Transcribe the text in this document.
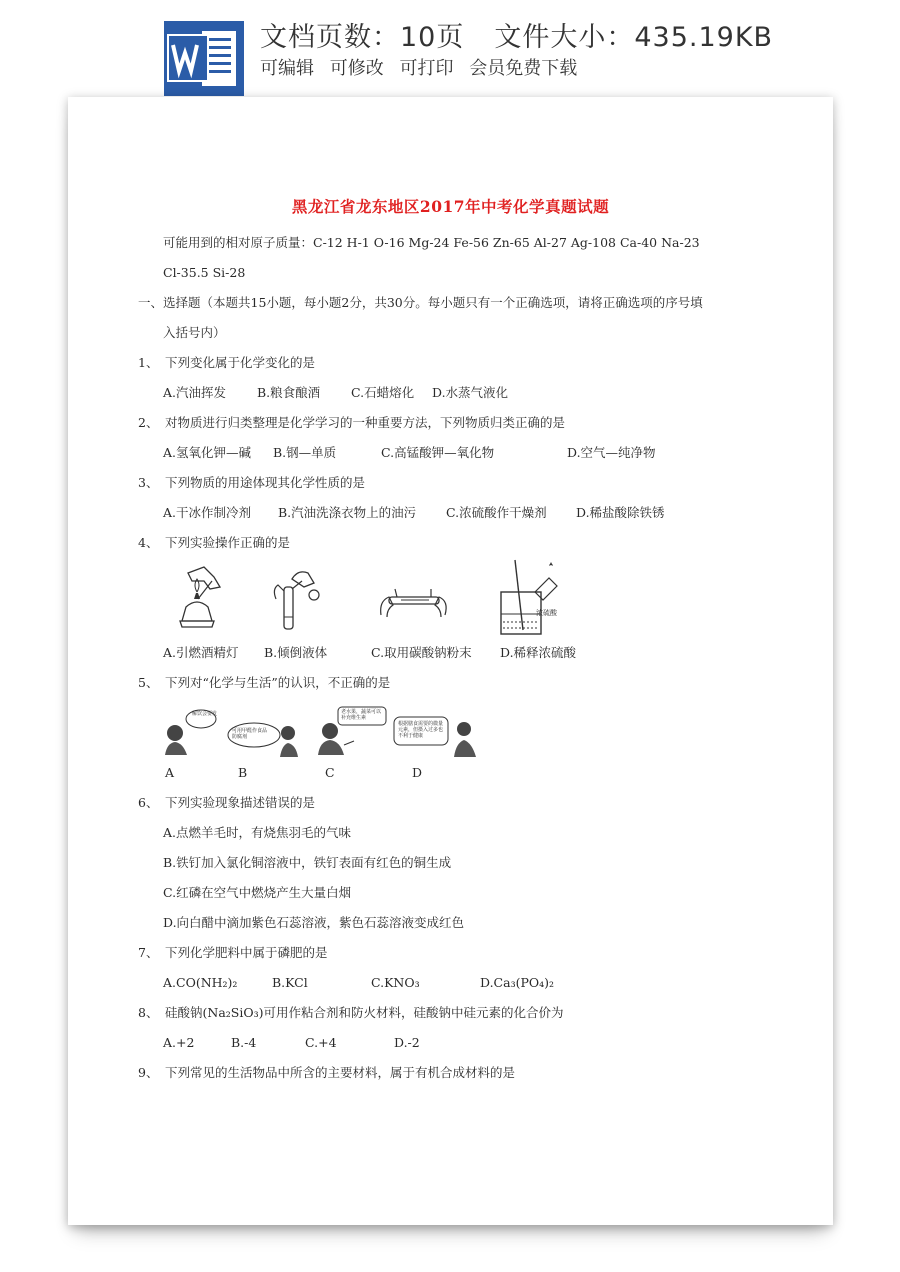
文档页数：10页 文件大小：435.19KB
可编辑 可修改 可打印 会员免费下载
黑龙江省龙东地区2017年中考化学真题试题
可能用到的相对原子质量：C-12 H-1 O-16 Mg-24 Fe-56 Zn-65 Al-27 Ag-108 Ca-40 Na-23
Cl-35.5 Si-28
一、选择题（本题共15小题，每小题2分，共30分。每小题只有一个正确选项，请将正确选项的序号填
入括号内）
1、 下列变化属于化学变化的是
A.汽油挥发 B.粮食酿酒 C.石蜡熔化 D.水蒸气液化
2、 对物质进行归类整理是化学学习的一种重要方法，下列物质归类正确的是
A.氢氧化钾—碱 B.钢—单质	C.高锰酸钾—氧化物	D.空气—纯净物
3、 下列物质的用途体现其化学性质的是
A.干冰作制冷剂 B.汽油洗涤衣物上的油污 C.浓硫酸作干燥剂 D.稀盐酸除铁锈
4、 下列实验操作正确的是
浓硫酸
A.引燃酒精灯 B.倾倒液体	C.取用碳酸钠粉末 D.稀释浓硫酸
5、 下列对“化学与生活”的认识，不正确的是
解饮会要发
可用甲醛作食品防腐剂
老水果，蔬菜可以补充维生素
根据膳食需要的微量元素，但摄入过多也不利于健康
A	B	C	D
6、 下列实验现象描述错误的是
A.点燃羊毛时，有烧焦羽毛的气味
B.铁钉加入氯化铜溶液中，铁钉表面有红色的铜生成
C.红磷在空气中燃烧产生大量白烟
D.向白醋中滴加紫色石蕊溶液，紫色石蕊溶液变成红色
7、 下列化学肥料中属于磷肥的是
A.CO(NH₂)₂	B.KCl	C.KNO₃	D.Ca₃(PO₄)₂
8、 硅酸钠(Na₂SiO₃)可用作粘合剂和防火材料，硅酸钠中硅元素的化合价为
A.+2	B.-4	C.+4	D.-2
9、 下列常见的生活物品中所含的主要材料，属于有机合成材料的是
